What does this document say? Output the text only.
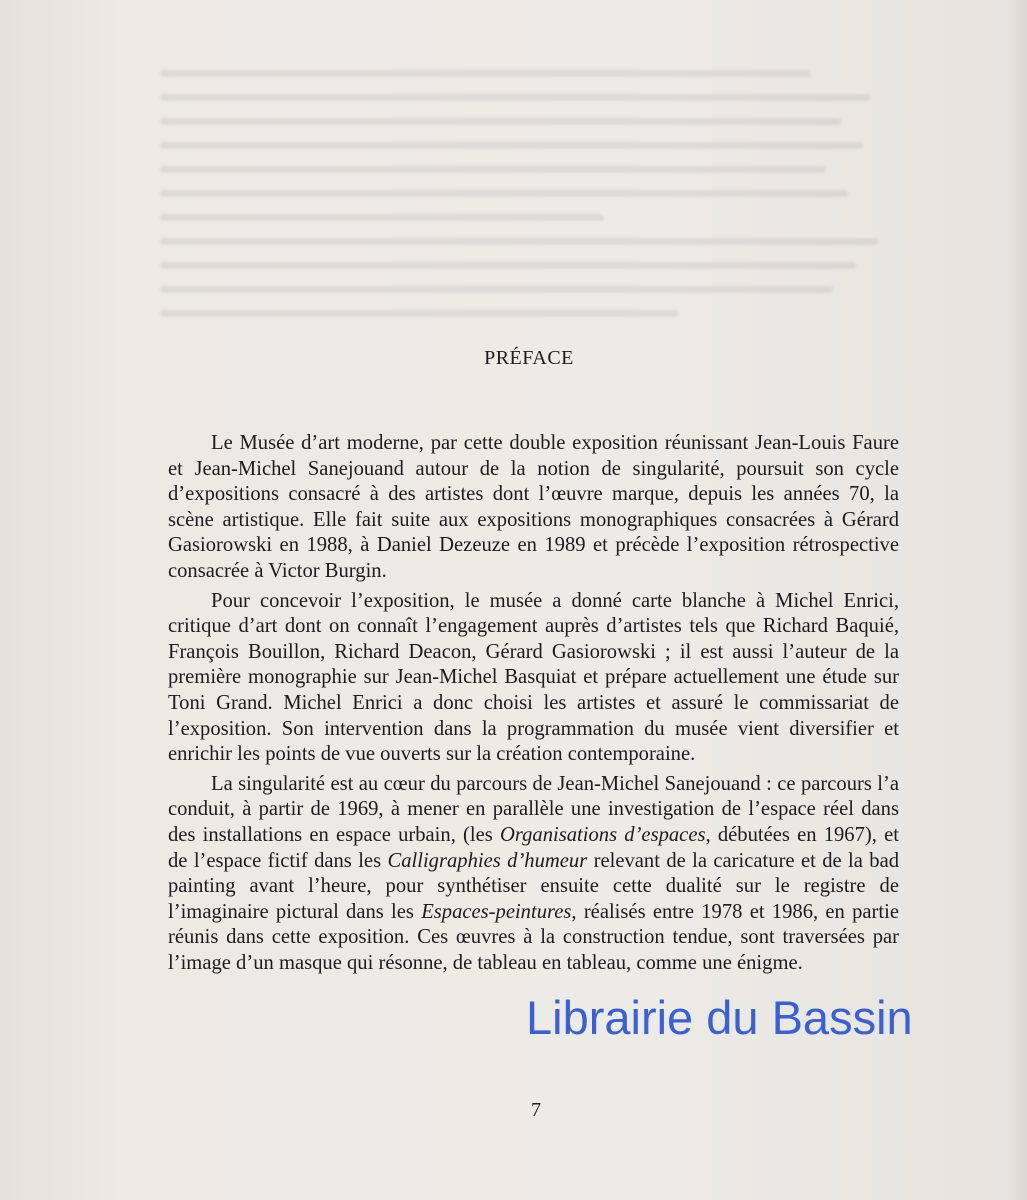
PRÉFACE

Le Musée d’art moderne, par cette double exposition réunissant Jean-Louis Faure et Jean-Michel Sanejouand autour de la notion de singularité, poursuit son cycle d’expositions consacré à des artistes dont l’œuvre marque, depuis les années 70, la scène artistique. Elle fait suite aux expositions monographiques consacrées à Gérard Gasiorowski en 1988, à Daniel Dezeuze en 1989 et précède l’exposition rétrospective consacrée à Victor Burgin.

Pour concevoir l’exposition, le musée a donné carte blanche à Michel Enrici, critique d’art dont on connaît l’engagement auprès d’artistes tels que Richard Baquié, François Bouillon, Richard Deacon, Gérard Gasiorowski ; il est aussi l’auteur de la première monographie sur Jean-Michel Basquiat et prépare actuellement une étude sur Toni Grand. Michel Enrici a donc choisi les artistes et assuré le commissariat de l’exposition. Son intervention dans la programmation du musée vient diversifier et enrichir les points de vue ouverts sur la création contemporaine.

La singularité est au cœur du parcours de Jean-Michel Sanejouand : ce parcours l’a conduit, à partir de 1969, à mener en parallèle une investigation de l’espace réel dans des installations en espace urbain, (les Organisations d’espaces, débutées en 1967), et de l’espace fictif dans les Calligraphies d’humeur relevant de la caricature et de la bad painting avant l’heure, pour synthétiser ensuite cette dualité sur le registre de l’imaginaire pictural dans les Espaces-peintures, réalisés entre 1978 et 1986, en partie réunis dans cette exposition. Ces œuvres à la construction tendue, sont traversées par l’image d’un masque qui résonne, de tableau en tableau, comme une énigme.

Librairie du Bassin
7
